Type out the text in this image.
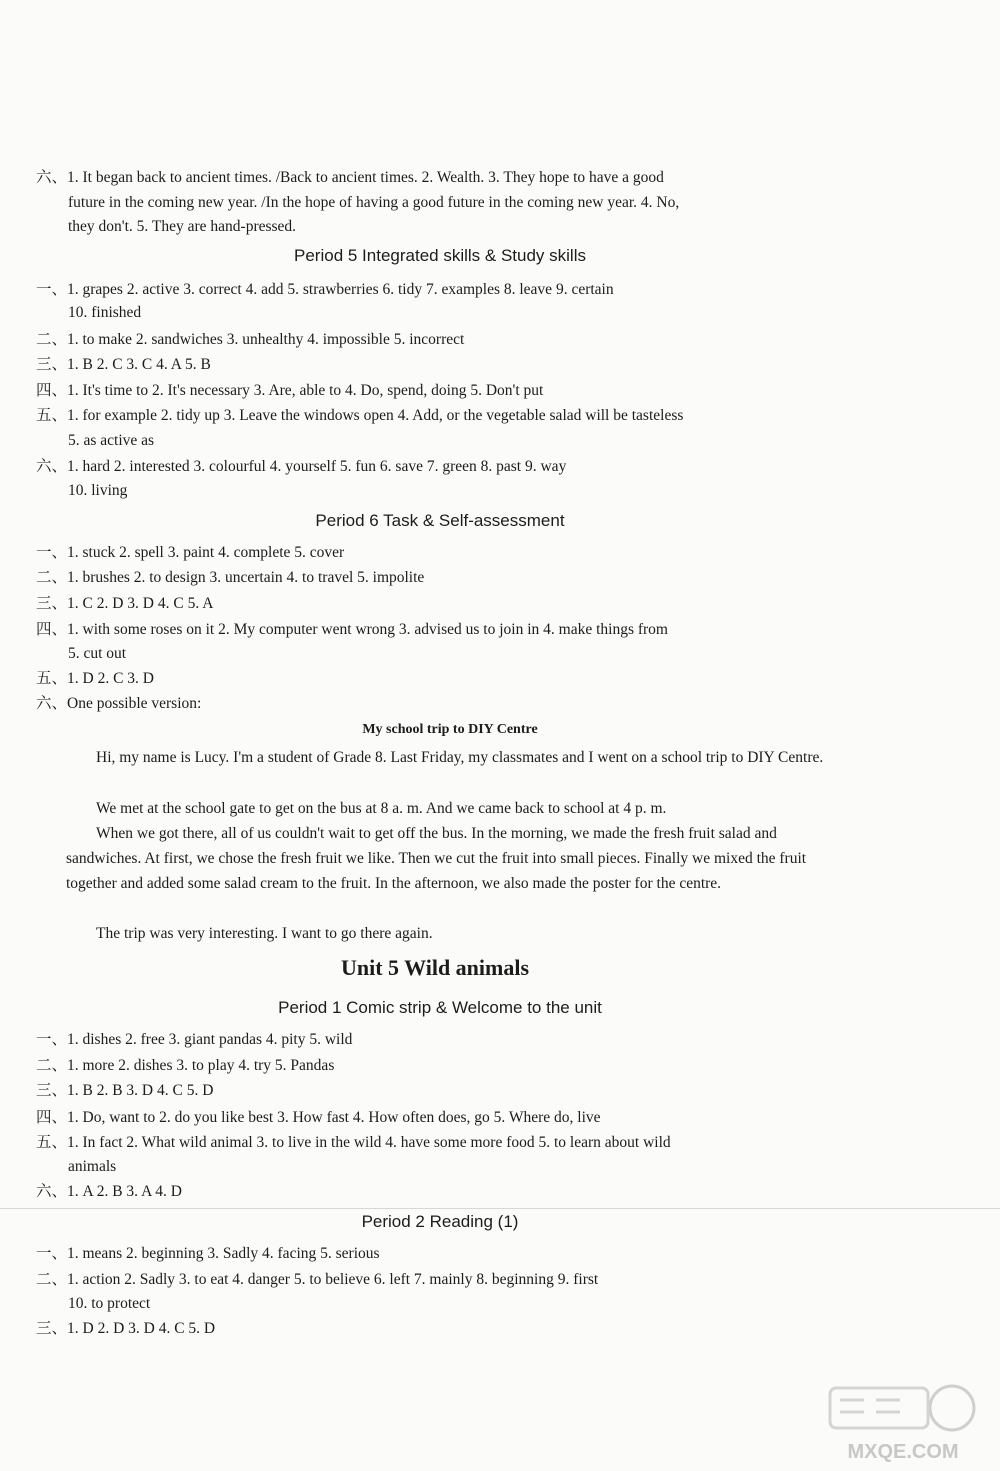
六、1. It began back to ancient times. /Back to ancient times. 2. Wealth. 3. They hope to have a good
future in the coming new year. /In the hope of having a good future in the coming new year. 4. No,
they don't. 5. They are hand-pressed.
Period 5 Integrated skills & Study skills
一、1. grapes 2. active 3. correct 4. add 5. strawberries 6. tidy 7. examples 8. leave 9. certain
10. finished
二、1. to make 2. sandwiches 3. unhealthy 4. impossible 5. incorrect
三、1. B 2. C 3. C 4. A 5. B
四、1. It's time to 2. It's necessary 3. Are, able to 4. Do, spend, doing 5. Don't put
五、1. for example 2. tidy up 3. Leave the windows open 4. Add, or the vegetable salad will be tasteless
5. as active as
六、1. hard 2. interested 3. colourful 4. yourself 5. fun 6. save 7. green 8. past 9. way
10. living
Period 6 Task & Self-assessment
一、1. stuck 2. spell 3. paint 4. complete 5. cover
二、1. brushes 2. to design 3. uncertain 4. to travel 5. impolite
三、1. C 2. D 3. D 4. C 5. A
四、1. with some roses on it 2. My computer went wrong 3. advised us to join in 4. make things from
5. cut out
五、1. D 2. C 3. D
六、One possible version:
My school trip to DIY Centre
Hi, my name is Lucy. I'm a student of Grade 8. Last Friday, my classmates and I went on a school trip to DIY Centre.
We met at the school gate to get on the bus at 8 a. m. And we came back to school at 4 p. m.
When we got there, all of us couldn't wait to get off the bus. In the morning, we made the fresh fruit salad and sandwiches. At first, we chose the fresh fruit we like. Then we cut the fruit into small pieces. Finally we mixed the fruit together and added some salad cream to the fruit. In the afternoon, we also made the poster for the centre.
The trip was very interesting. I want to go there again.
Unit 5 Wild animals
Period 1 Comic strip & Welcome to the unit
一、1. dishes 2. free 3. giant pandas 4. pity 5. wild
二、1. more 2. dishes 3. to play 4. try 5. Pandas
三、1. B 2. B 3. D 4. C 5. D
四、1. Do, want to 2. do you like best 3. How fast 4. How often does, go 5. Where do, live
五、1. In fact 2. What wild animal 3. to live in the wild 4. have some more food 5. to learn about wild
animals
六、1. A 2. B 3. A 4. D
Period 2 Reading (1)
一、1. means 2. beginning 3. Sadly 4. facing 5. serious
二、1. action 2. Sadly 3. to eat 4. danger 5. to believe 6. left 7. mainly 8. beginning 9. first
10. to protect
三、1. D 2. D 3. D 4. C 5. D
MXQE.COM
